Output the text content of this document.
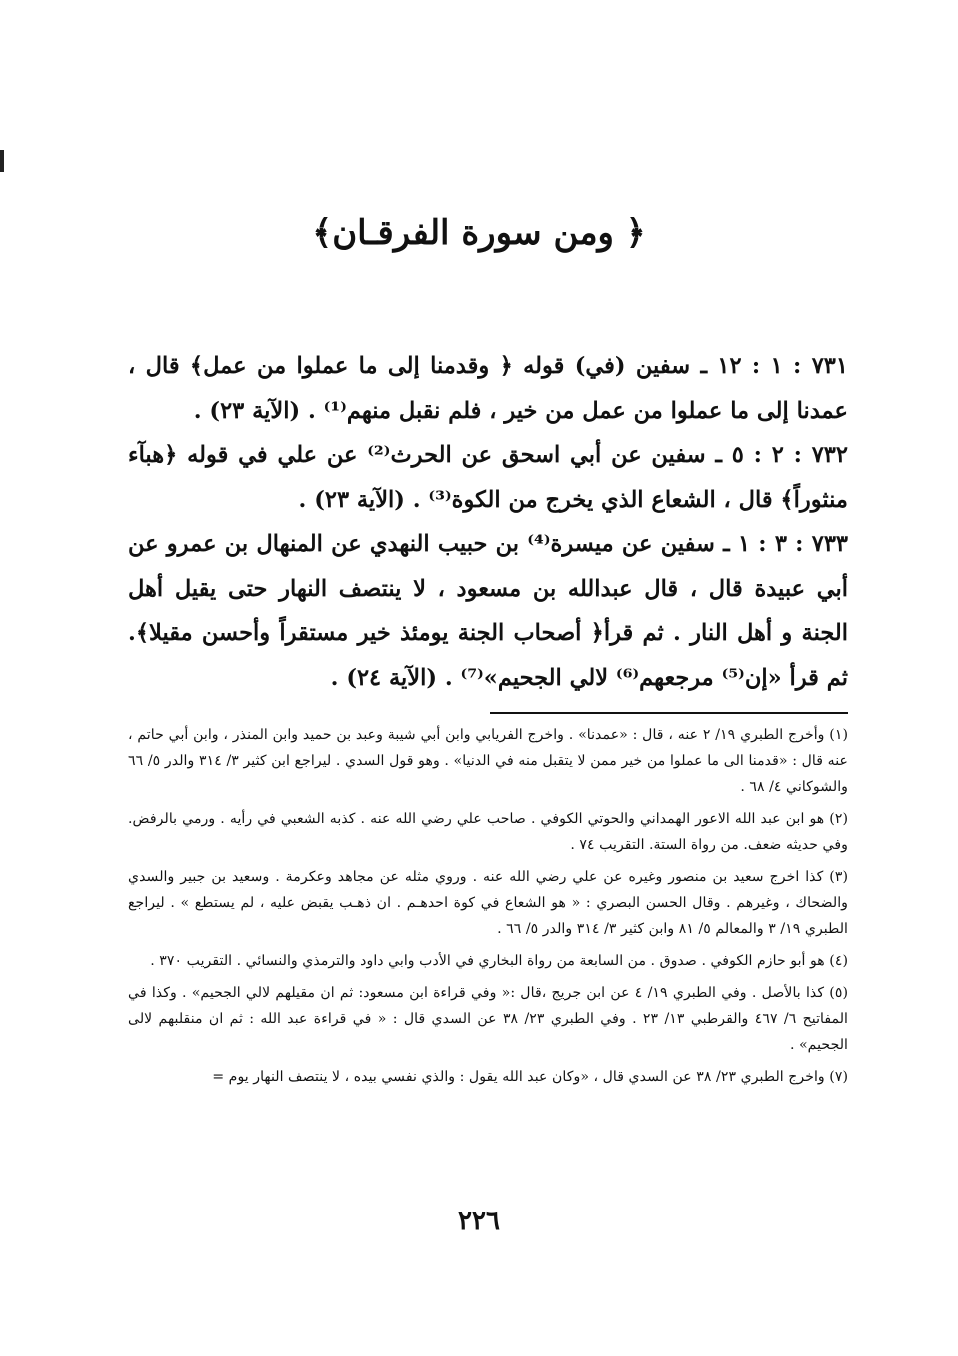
﴿ ومن سورة الفرقـان﴾

٧٣١ : ١ : ١٢ ـ سفين (في) قوله ﴿ وقدمنا إلى ما عملوا من عمل﴾ قال ، عمدنا إلى ما عملوا من عمل من خير ، فلم نقبل منهم⁽¹⁾ . (الآية ٢٣) .

٧٣٢ : ٢ : ٥ ـ سفين عن أبي اسحق عن الحرث⁽²⁾ عن علي في قوله ﴿هبآء منثوراً﴾ قال ، الشعاع الذي يخرج من الكوة⁽³⁾ . (الآية ٢٣) .

٧٣٣ : ٣ : ١ ـ سفين عن ميسرة⁽⁴⁾ بن حبيب النهدي عن المنهال بن عمرو عن أبي عبيدة قال ، قال عبدالله بن مسعود ، لا ينتصف النهار حتى يقيل أهل الجنة و أهل النار . ثم قرأ﴿ أصحاب الجنة يومئذ خير مستقراً وأحسن مقيلا﴾. ثم قرأ «إن⁽⁵⁾ مرجعهم⁽⁶⁾ لالي الجحيم»⁽⁷⁾ . (الآية ٢٤) .

(١) وأخرج الطبري ١٩/ ٢ عنه ، قال : «عمدنا» . واخرج الفريابي وابن أبي شيبة وعبد بن حميد وابن المنذر ، وابن أبي حاتم ، عنه قال : «قدمنا الى ما عملوا من خير ممن لا يتقبل منه في الدنيا» . وهو قول السدي . ليراجع ابن كثير ٣/ ٣١٤ والدر ٥/ ٦٦ والشوكاني ٤/ ٦٨ .

(٢) هو ابن عبد الله الاعور الهمداني والحوتي الكوفي . صاحب علي رضي الله عنه . كذبه الشعبي في رأيه . ورمي بالرفض. وفي حديثه ضعف. من رواة الستة. التقريب ٧٤ .

(٣) كذا اخرج سعيد بن منصور وغيره عن علي رضي الله عنه . وروي مثله عن مجاهد وعكرمة . وسعيد بن جبير والسدي والضحاك ، وغيرهم . وقال الحسن البصري : « هو الشعاع في كوة احدهـم . ان ذهـب يقبض عليه ، لم يستطع » . ليراجع الطبري ١٩/ ٣ والمعالم ٥/ ٨١ وابن كثير ٣/ ٣١٤ والدر ٥/ ٦٦ .

(٤) هو أبو حازم الكوفي . صدوق . من السابعة من رواة البخاري في الأدب وابي داود والترمذي والنسائي . التقريب ٣٧٠ .

(٥) كذا بالأصل . وفي الطبري ١٩/ ٤ عن ابن جريج ،قال :« وفي قراءة ابن مسعود: ثم ان مقيلهم لالي الجحيم» . وكذا في المفاتيح ٦/ ٤٦٧ والقرطبي ١٣/ ٢٣ . وفي الطبري ٢٣/ ٣٨ عن السدي قال : « في قراءة عبد الله : ثم ان منقلبهم لالى الجحيم» .

(٧) واخرج الطبري ٢٣/ ٣٨ عن السدي قال ، «وكان عبد الله يقول : والذي نفسي بيده ، لا ينتصف النهار يوم =

٢٢٦
